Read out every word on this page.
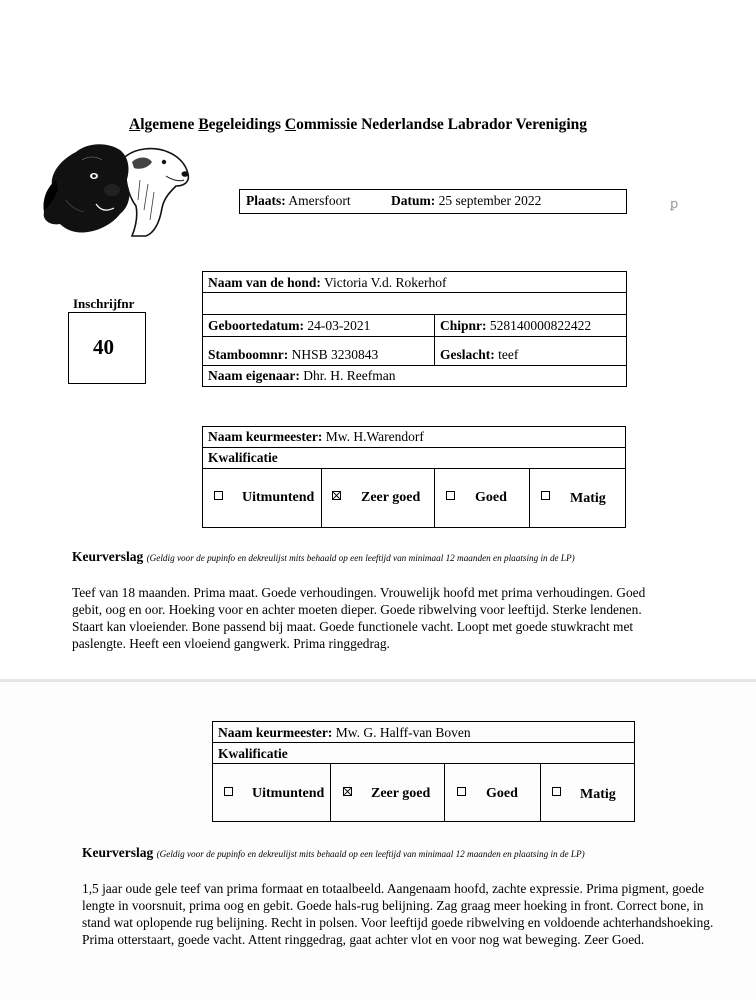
Algemene Begeleidings Commissie Nederlandse Labrador Vereniging
Plaats: Amersfoort	Datum: 25 september 2022	ꝑ
Inschrijfnr
40
Naam van de hond: Victoria V.d. Rokerhof
Geboortedatum: 24-03-2021	Chipnr: 528140000822422
Stamboomnr: NHSB 3230843	Geslacht: teef
Naam eigenaar: Dhr. H. Reefman
Naam keurmeester: Mw. H.Warendorf
Kwalificatie
Uitmuntend	Zeer goed	Goed	Matig
Keurverslag (Geldig voor de pupinfo en dekreulijst mits behaald op een leeftijd van minimaal 12 maanden en plaatsing in de LP)
Teef van 18 maanden. Prima maat. Goede verhoudingen. Vrouwelijk hoofd met prima verhoudingen. Goed gebit, oog en oor. Hoeking voor en achter moeten dieper. Goede ribwelving voor leeftijd. Sterke lendenen. Staart kan vloeiender. Bone passend bij maat. Goede functionele vacht. Loopt met goede stuwkracht met paslengte. Heeft een vloeiend gangwerk. Prima ringgedrag.
Naam keurmeester: Mw. G. Halff-van Boven
Kwalificatie
Uitmuntend	Zeer goed	Goed	Matig
Keurverslag (Geldig voor de pupinfo en dekreulijst mits behaald op een leeftijd van minimaal 12 maanden en plaatsing in de LP)
1,5 jaar oude gele teef van prima formaat en totaalbeeld. Aangenaam hoofd, zachte expressie. Prima pigment, goede lengte in voorsnuit, prima oog en gebit. Goede hals-rug belijning. Zag graag meer hoeking in front. Correct bone, in stand wat oplopende rug belijning. Recht in polsen. Voor leeftijd goede ribwelving en voldoende achterhandshoeking. Prima otterstaart, goede vacht. Attent ringgedrag, gaat achter vlot en voor nog wat beweging. Zeer Goed.
